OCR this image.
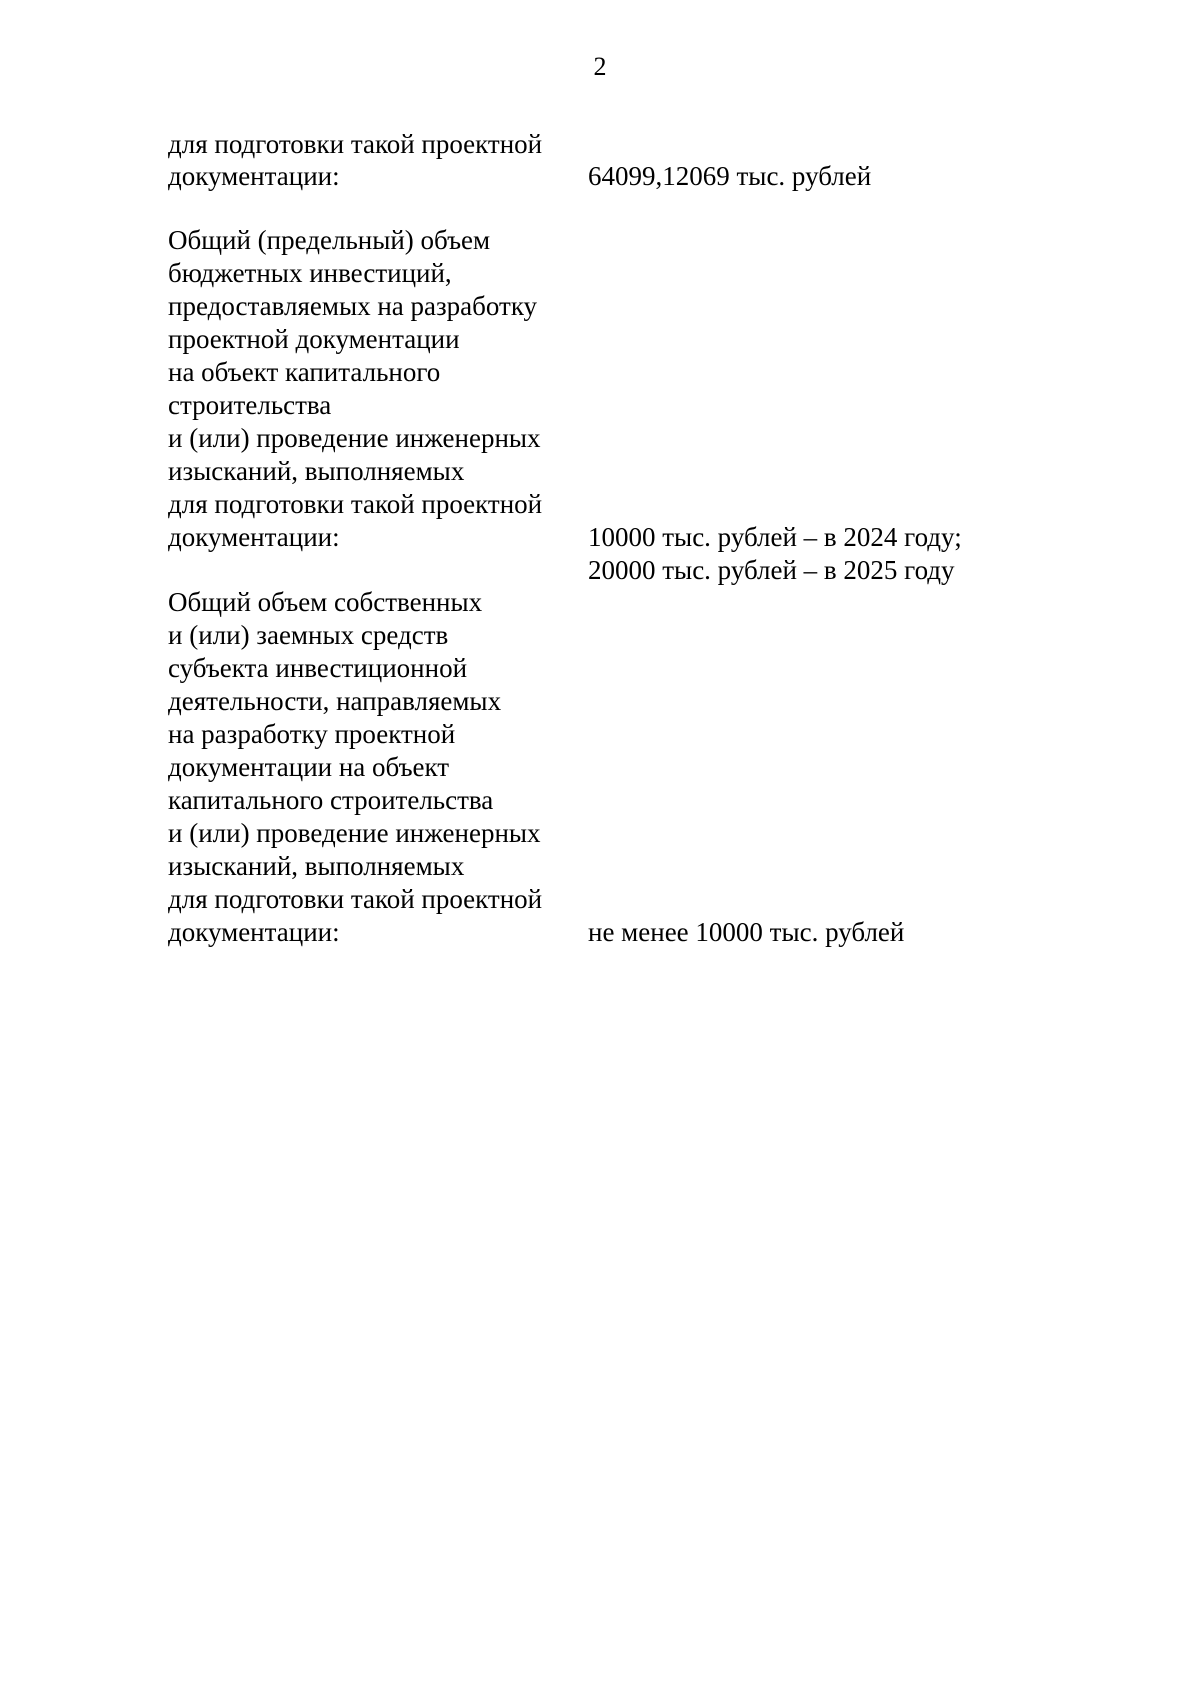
2
для подготовки такой проектной
документации:	64099,12069 тыс. рублей
Общий (предельный) объем
бюджетных инвестиций,
предоставляемых на разработку
проектной документации
на объект капитального
строительства
и (или) проведение инженерных
изысканий, выполняемых
для подготовки такой проектной
документации:	10000 тыс. рублей – в 2024 году;
20000 тыс. рублей – в 2025 году
Общий объем собственных
и (или) заемных средств
субъекта инвестиционной
деятельности, направляемых
на разработку проектной
документации на объект
капитального строительства
и (или) проведение инженерных
изысканий, выполняемых
для подготовки такой проектной
документации:	не менее 10000 тыс. рублей
